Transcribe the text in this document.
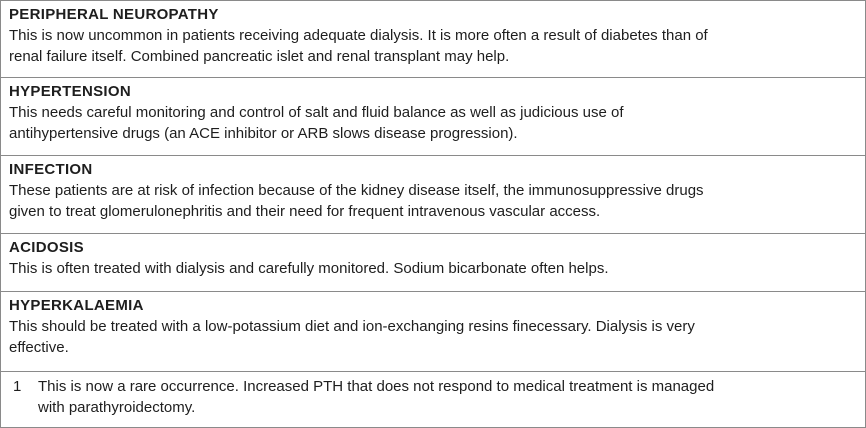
PERIPHERAL NEUROPATHY
This is now uncommon in patients receiving adequate dialysis. It is more often a result of diabetes than of
renal failure itself. Combined pancreatic islet and renal transplant may help.
HYPERTENSION
This needs careful monitoring and control of salt and fluid balance as well as judicious use of
antihypertensive drugs (an ACE inhibitor or ARB slows disease progression).
INFECTION
These patients are at risk of infection because of the kidney disease itself, the immunosuppressive drugs
given to treat glomerulonephritis and their need for frequent intravenous vascular access.
ACIDOSIS
This is often treated with dialysis and carefully monitored. Sodium bicarbonate often helps.
HYPERKALAEMIA
This should be treated with a low-potassium diet and ion-exchanging resins finecessary. Dialysis is very
effective.
1	This is now a rare occurrence. Increased PTH that does not respond to medical treatment is managed
with parathyroidectomy.
